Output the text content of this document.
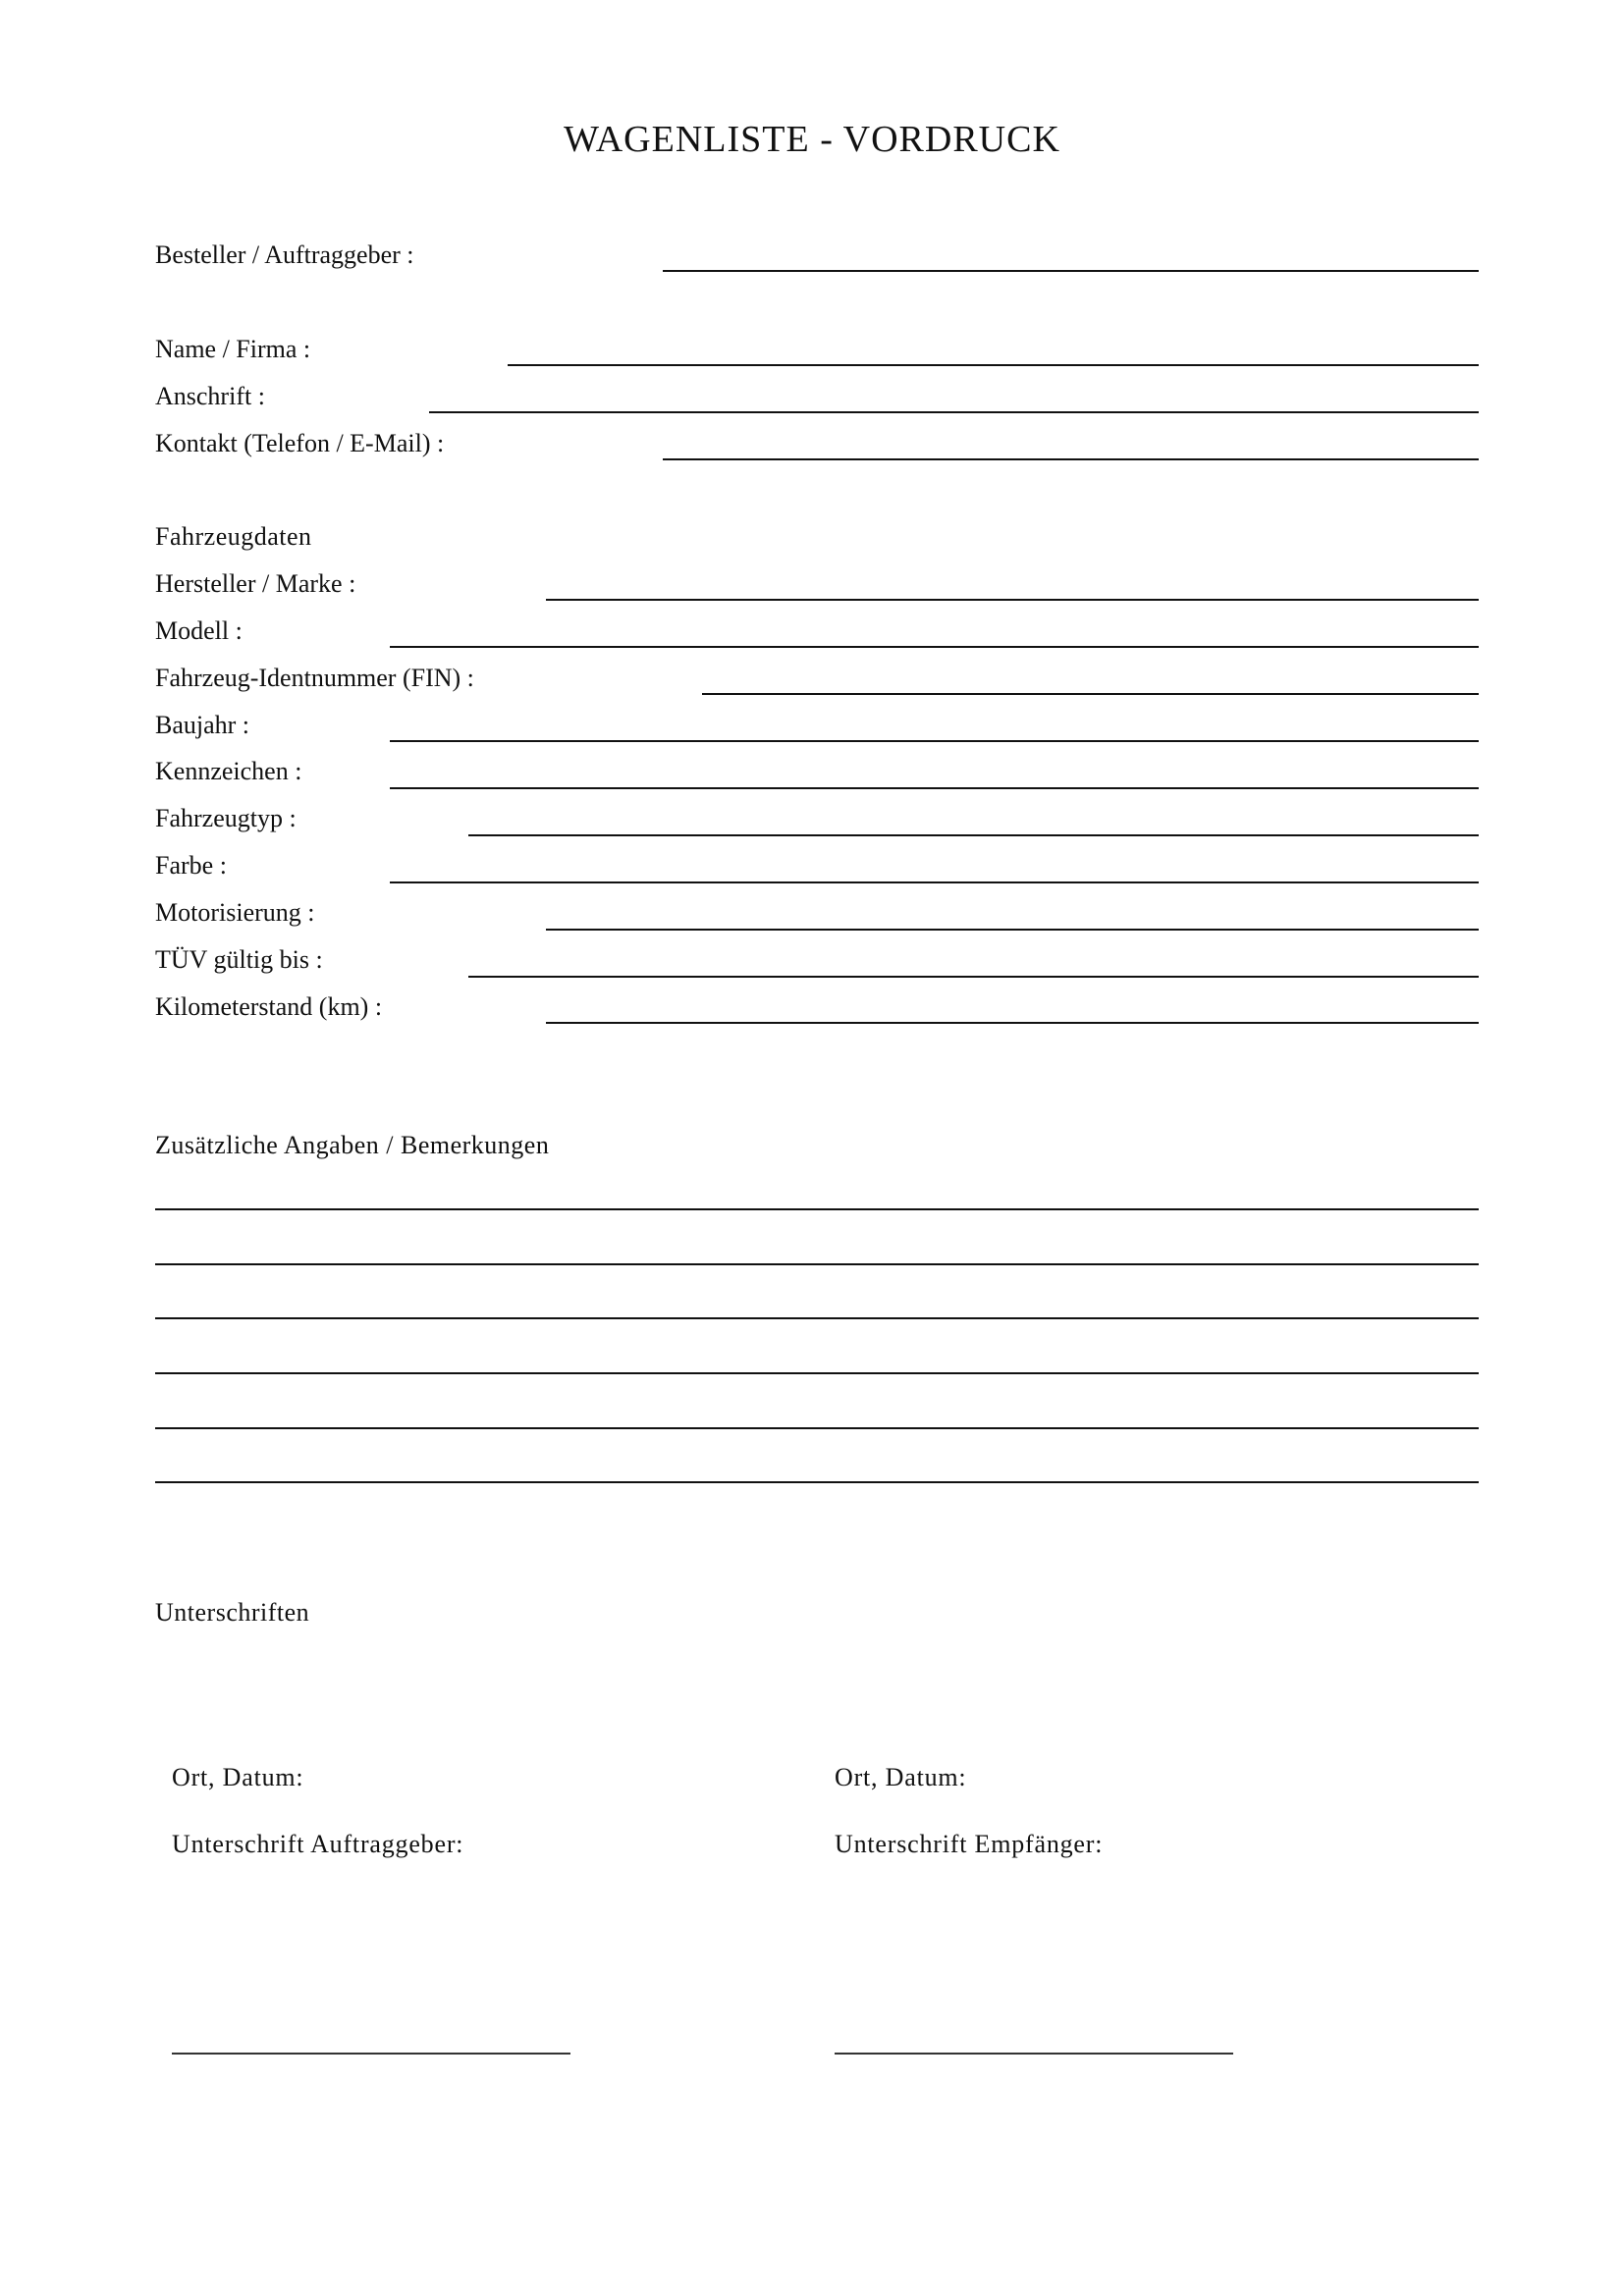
WAGENLISTE - VORDRUCK
Besteller / Auftraggeber :
Name / Firma :
Anschrift :
Kontakt (Telefon / E-Mail) :
Fahrzeugdaten
Hersteller / Marke :
Modell :
Fahrzeug-Identnummer (FIN) :
Baujahr :
Kennzeichen :
Fahrzeugtyp :
Farbe :
Motorisierung :
TÜV gültig bis :
Kilometerstand (km) :
Zusätzliche Angaben / Bemerkungen
Unterschriften
Ort, Datum:
Unterschrift Auftraggeber:
Ort, Datum:
Unterschrift Empfänger:
